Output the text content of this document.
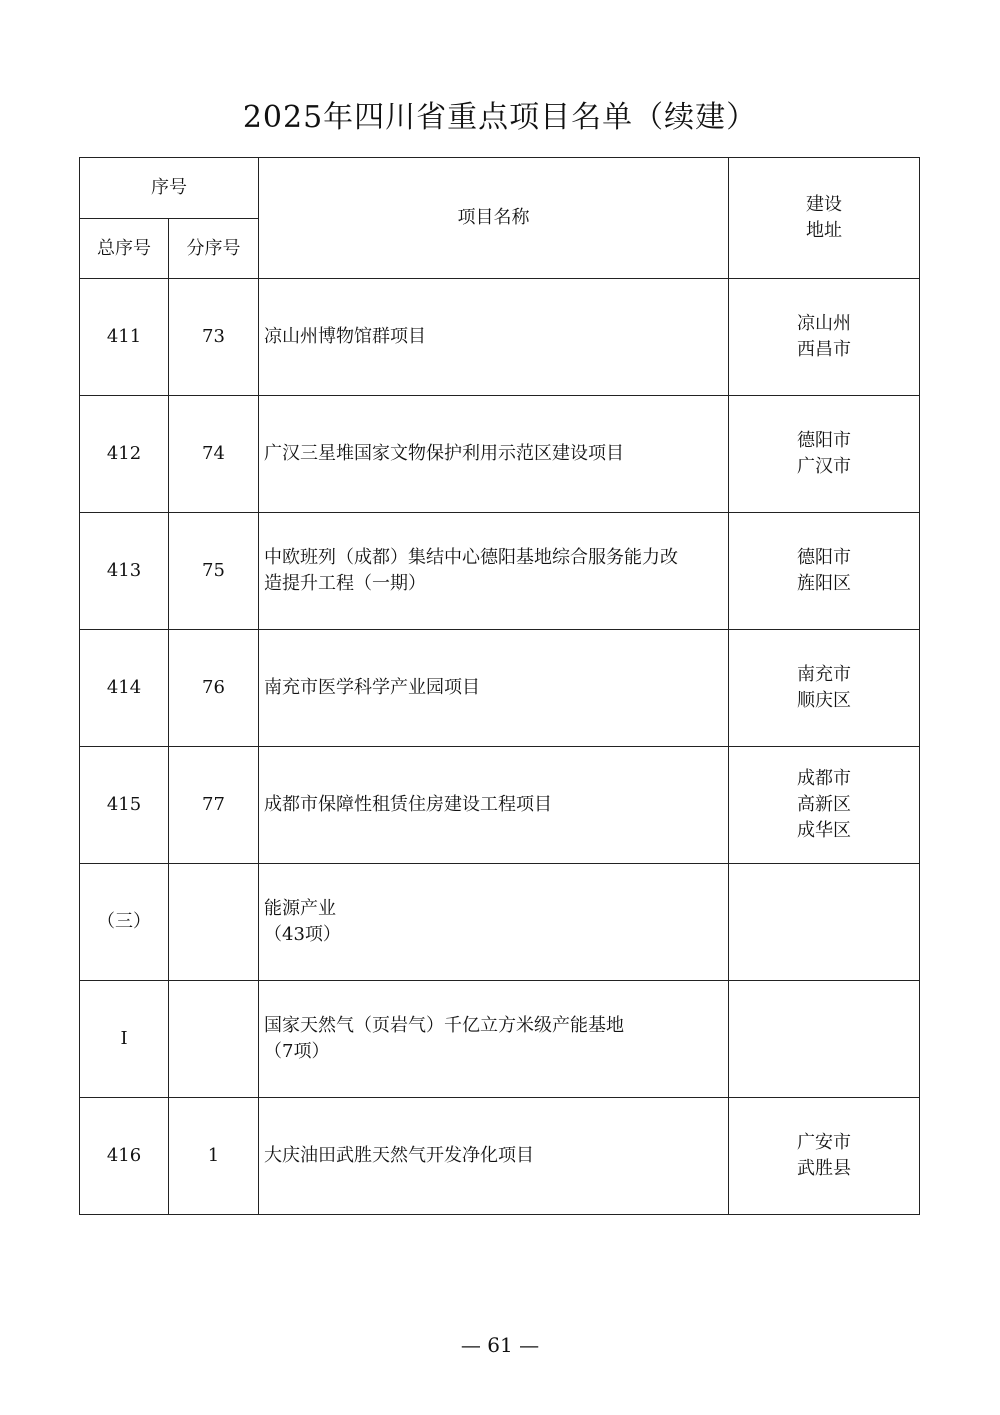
2025年四川省重点项目名单（续建）
序号		项目名称	建设
地址

总序号	分序号		
411	73	凉山州博物馆群项目	凉山州
西昌市

412	74	广汉三星堆国家文物保护利用示范区建设项目	德阳市
广汉市

413	75	中欧班列（成都）集结中心德阳基地综合服务能力改
造提升工程（一期）	德阳市
旌阳区

414	76	南充市医学科学产业园项目	南充市
顺庆区

415	77	成都市保障性租赁住房建设工程项目	成都市
高新区
成华区

（三）		能源产业
（43项）	

I		国家天然气（页岩气）千亿立方米级产能基地
（7项）	

416	1	大庆油田武胜天然气开发净化项目	广安市
武胜县
— 61 —
